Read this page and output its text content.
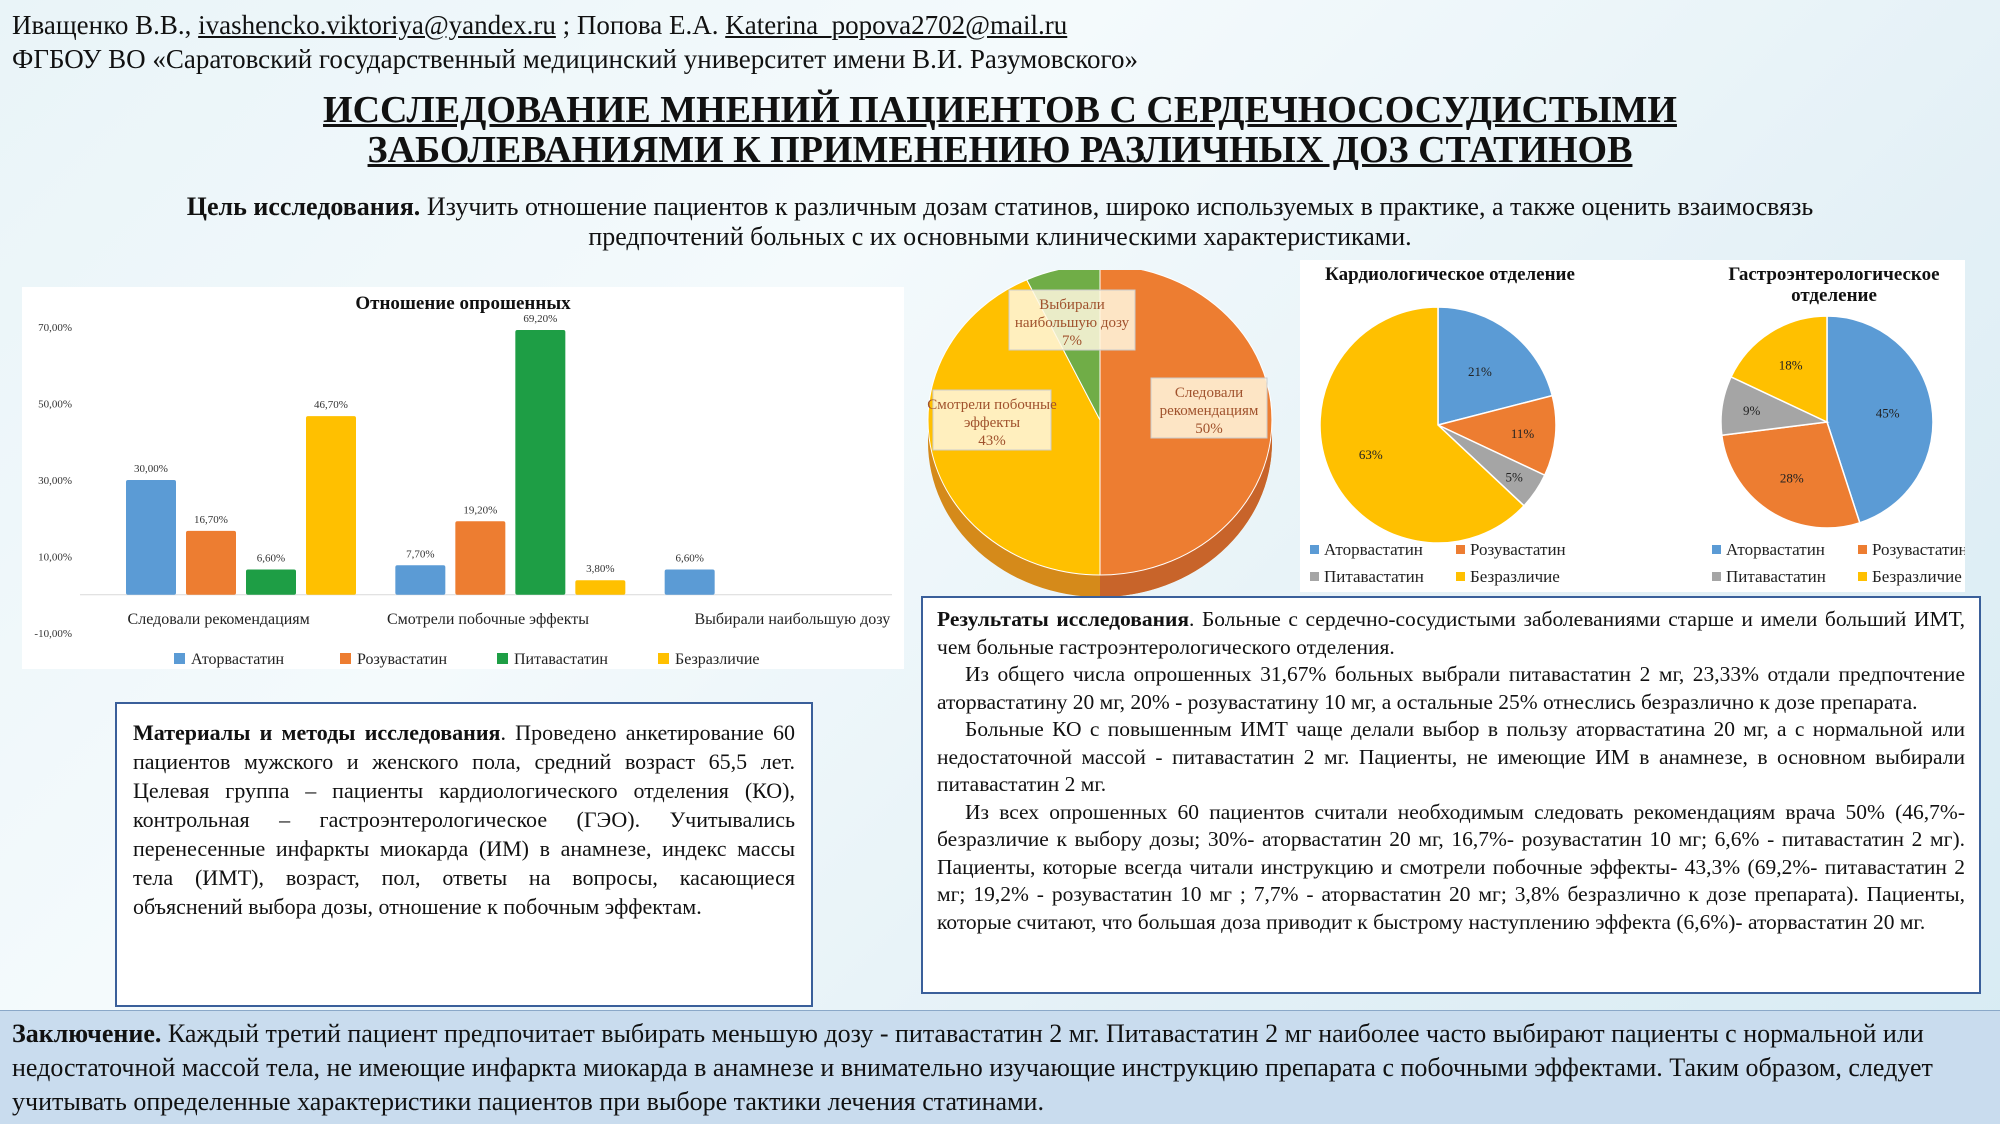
Иващенко В.В., ivashencko.viktoriya@yandex.ru ; Попова Е.А. Katerina_popova2702@mail.ru
ФГБОУ ВО «Саратовский государственный медицинский университет имени В.И. Разумовского»
ИССЛЕДОВАНИЕ МНЕНИЙ ПАЦИЕНТОВ С СЕРДЕЧНОСОСУДИСТЫМИ
ЗАБОЛЕВАНИЯМИ К ПРИМЕНЕНИЮ РАЗЛИЧНЫХ ДОЗ СТАТИНОВ
Цель исследования. Изучить отношение пациентов к различным дозам статинов, широко используемых в практике, а также оценить взаимосвязь предпочтений больных с их основными клиническими характеристиками.
Отношение опрошенных
70,00%
50,00%
30,00%
10,00%
-10,00%
Следовали рекомендациям
30,00%
16,70%
6,60%
46,70%
Смотрели побочные эффекты
7,70%
19,20%
69,20%
3,80%
Выбирали наибольшую дозу
6,60%
Аторвастатин	Розувастатин	Питавастатин	Безразличие
Следовали
рекомендациям
50%
Смотрели побочные
эффекты
43%
Выбирали
наибольшую дозу
7%
Кардиологическое отделение	Гастроэнтерологическое
отделение
21%
11%
5%
63%
45%
28%
9%
18%
Аторвастатин	Розувастатин
Питавастатин	Безразличие
Аторвастатин	Розувастатин
Питавастатин	Безразличие
Материалы и методы исследования. Проведено анкетирование 60 пациентов мужского и женского пола, средний возраст 65,5 лет. Целевая группа – пациенты кардиологического отделения (КО), контрольная – гастроэнтерологическое (ГЭО). Учитывались перенесенные инфаркты миокарда (ИМ) в анамнезе, индекс массы тела (ИМТ), возраст, пол, ответы на вопросы, касающиеся объяснений выбора дозы, отношение к побочным эффектам.

Результаты исследования. Больные с сердечно-сосудистыми заболеваниями старше и имели больший ИМТ, чем больные гастроэнтерологического отделения.

Из общего числа опрошенных 31,67% больных выбрали питавастатин 2 мг, 23,33% отдали предпочтение аторвастатину 20 мг, 20% - розувастатину 10 мг, а остальные 25% отнеслись безразлично к дозе препарата.

Больные КО с повышенным ИМТ чаще делали выбор в пользу аторвастатина 20 мг, а с нормальной или недостаточной массой - питавастатин 2 мг. Пациенты, не имеющие ИМ в анамнезе, в основном выбирали питавастатин 2 мг.

Из всех опрошенных 60 пациентов считали необходимым следовать рекомендациям врача 50% (46,7%- безразличие к выбору дозы; 30%- аторвастатин 20 мг, 16,7%- розувастатин 10 мг; 6,6% - питавастатин 2 мг). Пациенты, которые всегда читали инструкцию и смотрели побочные эффекты- 43,3% (69,2%- питавастатин 2 мг; 19,2% - розувастатин 10 мг ; 7,7% - аторвастатин 20 мг; 3,8% безразлично к дозе препарата). Пациенты, которые считают, что большая доза приводит к быстрому наступлению эффекта (6,6%)- аторвастатин 20 мг.

Заключение. Каждый третий пациент предпочитает выбирать меньшую дозу - питавастатин 2 мг. Питавастатин 2 мг наиболее часто выбирают пациенты с нормальной или недостаточной массой тела, не имеющие инфаркта миокарда в анамнезе и внимательно изучающие инструкцию препарата с побочными эффектами. Таким образом, следует учитывать определенные характеристики пациентов при выборе тактики лечения статинами.
